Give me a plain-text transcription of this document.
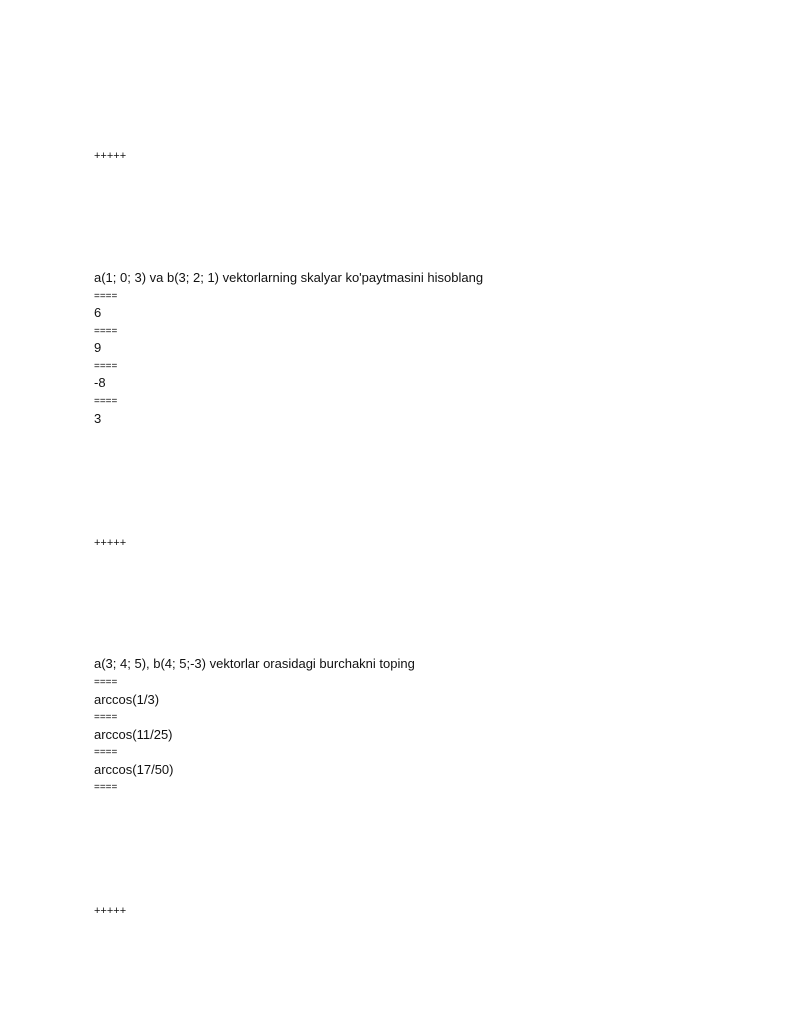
+++++
a(1; 0; 3) va b(3; 2; 1) vektorlarning skalyar ko'paytmasini hisoblang
====
6
====
9
====
-8
====
3
+++++
a(3; 4; 5), b(4; 5;-3) vektorlar orasidagi burchakni toping
====
arccos(1/3)
====
arccos(11/25)
====
arccos(17/50)
====
+++++
